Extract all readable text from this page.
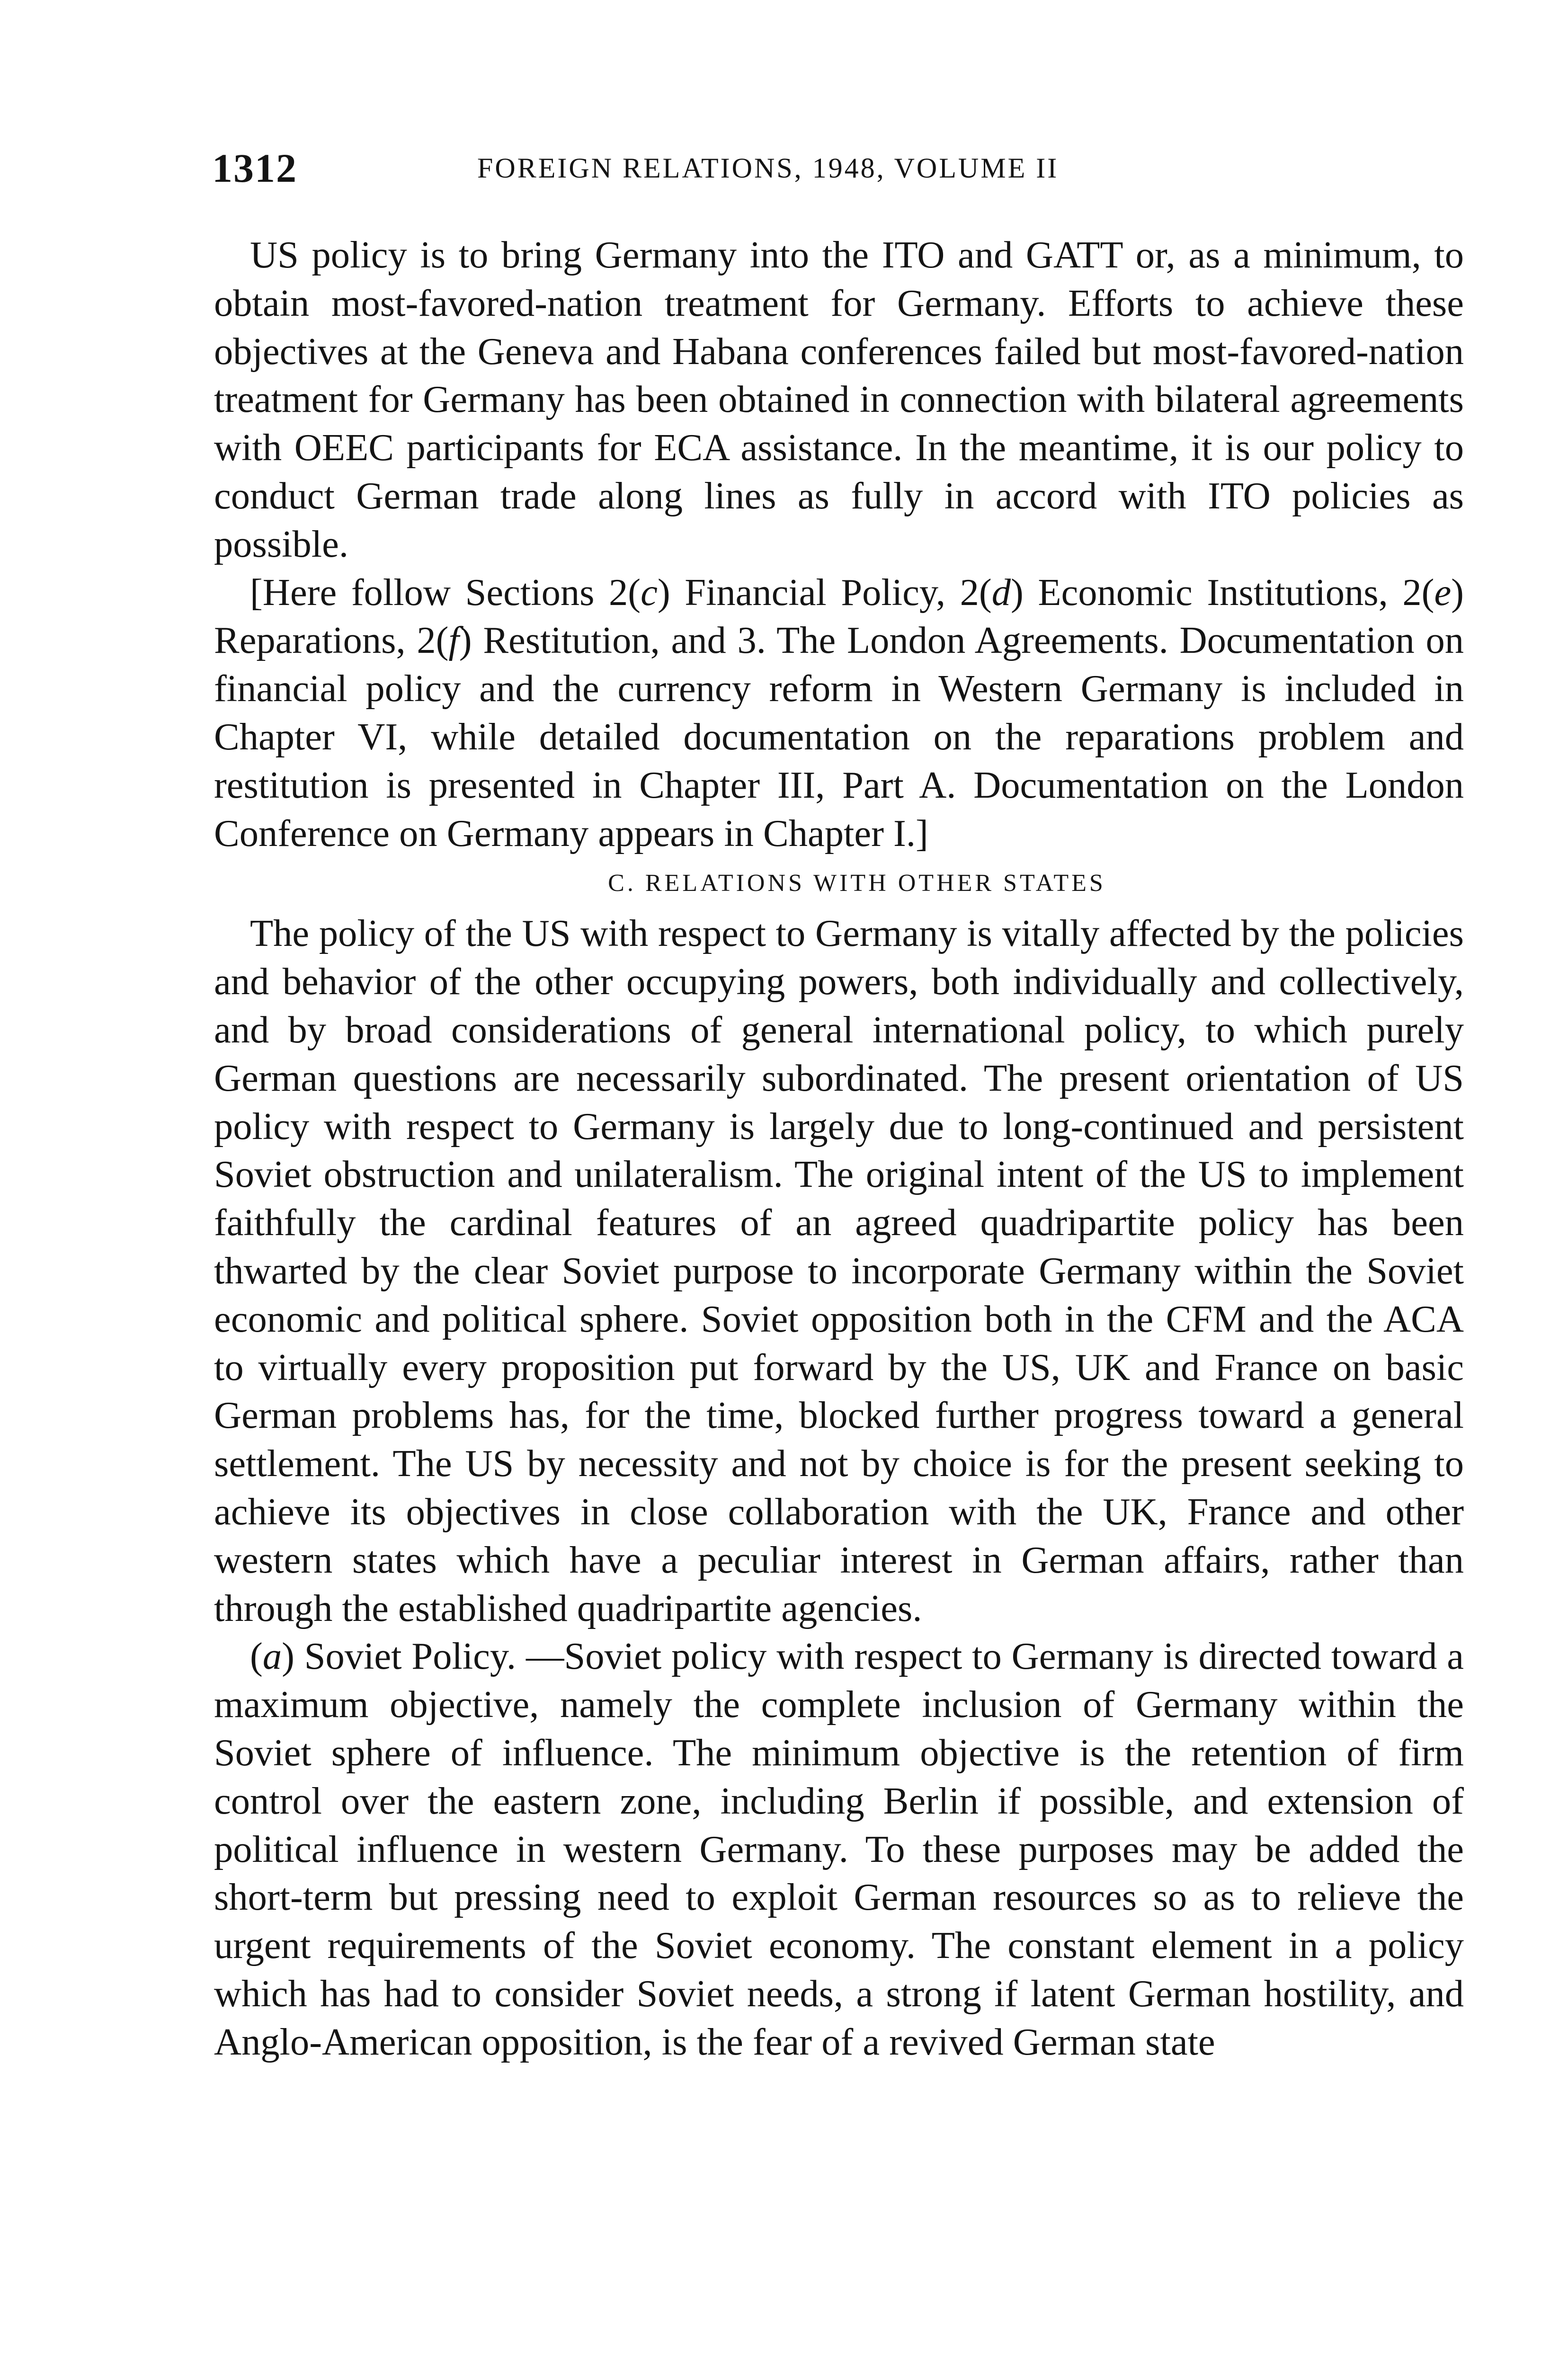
1312	FOREIGN RELATIONS, 1948, VOLUME II

US policy is to bring Germany into the ITO and GATT or, as a minimum, to obtain most-favored-nation treatment for Germany. Efforts to achieve these objectives at the Geneva and Habana conferences failed but most-favored-nation treatment for Germany has been obtained in connection with bilateral agreements with OEEC participants for ECA assistance. In the meantime, it is our policy to conduct German trade along lines as fully in accord with ITO policies as possible.

[Here follow Sections 2(c) Financial Policy, 2(d) Economic Institutions, 2(e) Reparations, 2(f) Restitution, and 3. The London Agreements. Documentation on financial policy and the currency reform in Western Germany is included in Chapter VI, while detailed documentation on the reparations problem and restitution is presented in Chapter III, Part A. Documentation on the London Conference on Germany appears in Chapter I.]

C. RELATIONS WITH OTHER STATES

The policy of the US with respect to Germany is vitally affected by the policies and behavior of the other occupying powers, both individually and collectively, and by broad considerations of general international policy, to which purely German questions are necessarily subordinated. The present orientation of US policy with respect to Germany is largely due to long-continued and persistent Soviet obstruction and unilateralism. The original intent of the US to implement faithfully the cardinal features of an agreed quadripartite policy has been thwarted by the clear Soviet purpose to incorporate Germany within the Soviet economic and political sphere. Soviet opposition both in the CFM and the ACA to virtually every proposition put forward by the US, UK and France on basic German problems has, for the time, blocked further progress toward a general settlement. The US by necessity and not by choice is for the present seeking to achieve its objectives in close collaboration with the UK, France and other western states which have a peculiar interest in German affairs, rather than through the established quadripartite agencies.

(a) Soviet Policy. —Soviet policy with respect to Germany is directed toward a maximum objective, namely the complete inclusion of Germany within the Soviet sphere of influence. The minimum objective is the retention of firm control over the eastern zone, including Berlin if possible, and extension of political influence in western Germany. To these purposes may be added the short-term but pressing need to exploit German resources so as to relieve the urgent requirements of the Soviet economy. The constant element in a policy which has had to consider Soviet needs, a strong if latent German hostility, and Anglo-American opposition, is the fear of a revived German state
